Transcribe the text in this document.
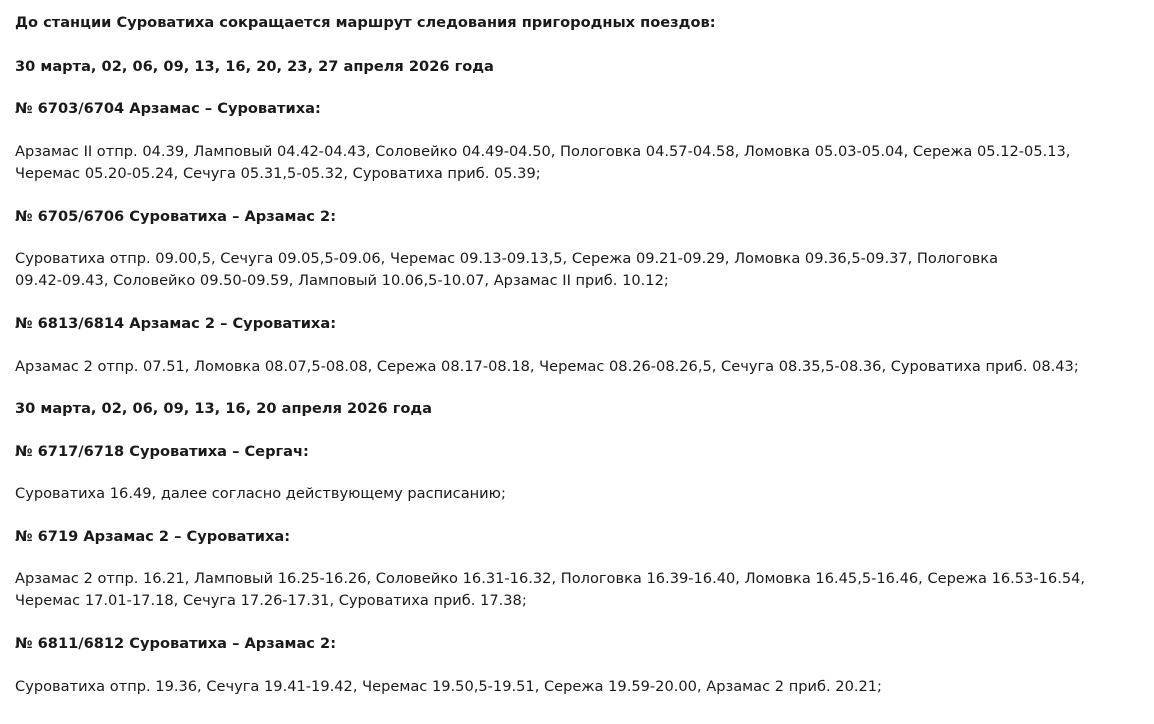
До станции Суроватиха сокращается маршрут следования пригородных поездов:
30 марта, 02, 06, 09, 13, 16, 20, 23, 27 апреля 2026 года
№ 6703/6704 Арзамас – Суроватиха:
Арзамас II отпр. 04.39, Ламповый 04.42-04.43, Соловейко 04.49-04.50, Пологовка 04.57-04.58, Ломовка 05.03-05.04, Сережа 05.12-05.13,
Черемас 05.20-05.24, Сечуга 05.31,5-05.32, Суроватиха приб. 05.39;
№ 6705/6706 Суроватиха – Арзамас 2:
Суроватиха отпр. 09.00,5, Сечуга 09.05,5-09.06, Черемас 09.13-09.13,5, Сережа 09.21-09.29, Ломовка 09.36,5-09.37, Пологовка
09.42-09.43, Соловейко 09.50-09.59, Ламповый 10.06,5-10.07, Арзамас II приб. 10.12;
№ 6813/6814 Арзамас 2 – Суроватиха:
Арзамас 2 отпр. 07.51, Ломовка 08.07,5-08.08, Сережа 08.17-08.18, Черемас 08.26-08.26,5, Сечуга 08.35,5-08.36, Суроватиха приб. 08.43;
30 марта, 02, 06, 09, 13, 16, 20 апреля 2026 года
№ 6717/6718 Суроватиха – Сергач:
Суроватиха 16.49, далее согласно действующему расписанию;
№ 6719 Арзамас 2 – Суроватиха:
Арзамас 2 отпр. 16.21, Ламповый 16.25-16.26, Соловейко 16.31-16.32, Пологовка 16.39-16.40, Ломовка 16.45,5-16.46, Сережа 16.53-16.54,
Черемас 17.01-17.18, Сечуга 17.26-17.31, Суроватиха приб. 17.38;
№ 6811/6812 Суроватиха – Арзамас 2:
Суроватиха отпр. 19.36, Сечуга 19.41-19.42, Черемас 19.50,5-19.51, Сережа 19.59-20.00, Арзамас 2 приб. 20.21;
